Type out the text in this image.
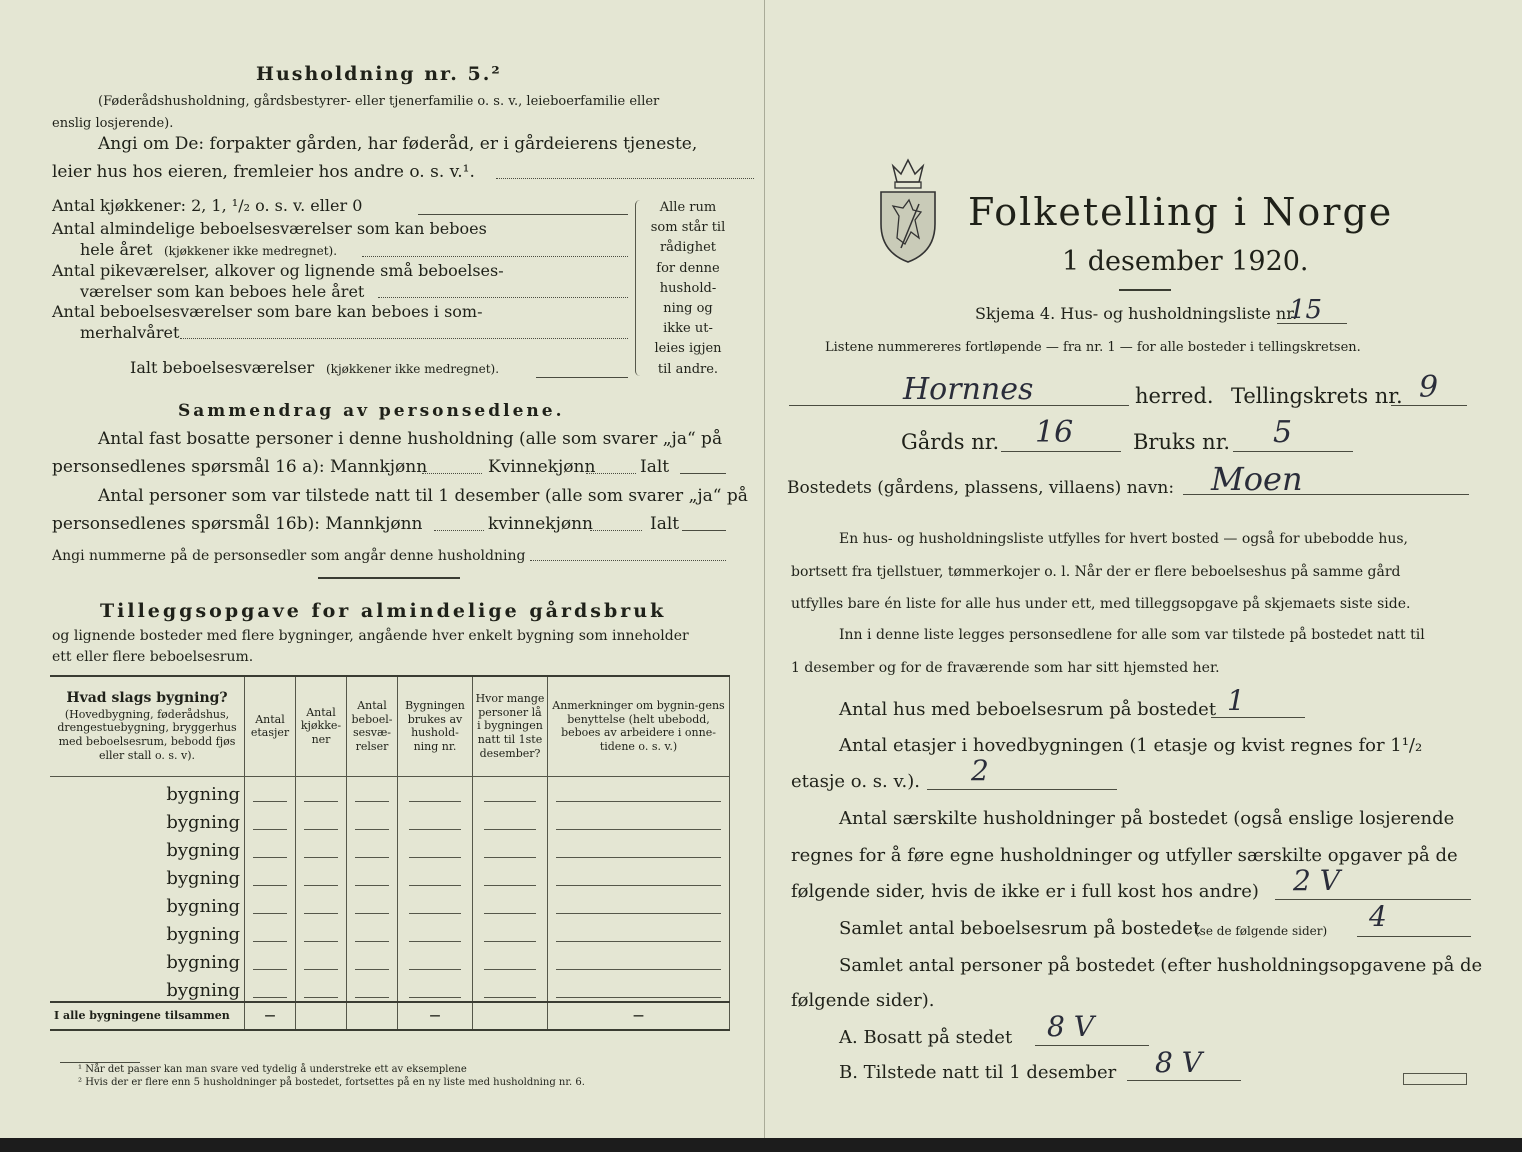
Husholdning nr. 5.²
(Føderådshusholdning, gårdsbestyrer- eller tjenerfamilie o. s. v., leieboerfamilie eller
enslig losjerende).
Angi om De: forpakter gården, har føderåd, er i gårdeierens tjeneste,
leier hus hos eieren, fremleier hos andre o. s. v.¹.
Antal kjøkkener: 2, 1, ¹/₂ o. s. v. eller 0
Antal almindelige beboelsesværelser som kan beboes
hele året (kjøkkener ikke medregnet).
Antal pikeværelser, alkover og lignende små beboelses-
værelser som kan beboes hele året
Antal beboelsesværelser som bare kan beboes i som-
merhalvåret
Ialt beboelsesværelser (kjøkkener ikke medregnet).
Alle rum
som står til
rådighet
for denne
hushold-
ning og
ikke ut-
leies igjen
til andre.
Sammendrag av personsedlene.
Antal fast bosatte personer i denne husholdning (alle som svarer „ja“ på
personsedlenes spørsmål 16 a): Mannkjønn	Kvinnekjønn	Ialt
Antal personer som var tilstede natt til 1 desember (alle som svarer „ja“ på
personsedlenes spørsmål 16b): Mannkjønn	kvinnekjønn	Ialt
Angi nummerne på de personsedler som angår denne husholdning
Tilleggsopgave for almindelige gårdsbruk
og lignende bosteder med flere bygninger, angående hver enkelt bygning som inneholder
ett eller flere beboelsesrum.
Hvad slags bygning?
(Hovedbygning, føderådshus, drengestuebygning, bryggerhus med beboelsesrum, bebodd fjøs eller stall o. s. v).	Antal etasjer	Antal kjøkke-ner	Antal beboel-sesvæ-relser	Bygningen brukes av hushold-ning nr.	Hvor mange personer lå i bygningen natt til 1ste desember?	Anmerkninger om bygnin-gens benyttelse (helt ubebodd, beboes av arbeidere i onne-tidene o. s. v.)
bygning						
bygning						
bygning						
bygning						
bygning						
bygning						
bygning						
bygning						
I alle bygningene tilsammen	—			—		—
¹ Når det passer kan man svare ved tydelig å understreke ett av eksemplene
² Hvis der er flere enn 5 husholdninger på bostedet, fortsettes på en ny liste med husholdning nr. 6.
Folketelling i Norge
1 desember 1920.
Skjema 4. Hus- og husholdningsliste nr.
15
Listene nummereres fortløpende — fra nr. 1 — for alle bosteder i tellingskretsen.
Hornnes	herred. Tellingskrets nr. 9
Gårds nr. 16	Bruks nr. 5
Bostedets (gårdens, plassens, villaens) navn: Moen
En hus- og husholdningsliste utfylles for hvert bosted — også for ubebodde hus,
bortsett fra tjellstuer, tømmerkojer o. l. Når der er flere beboelseshus på samme gård
utfylles bare én liste for alle hus under ett, med tilleggsopgave på skjemaets siste side.
Inn i denne liste legges personsedlene for alle som var tilstede på bostedet natt til
1 desember og for de fraværende som har sitt hjemsted her.
Antal hus med beboelsesrum på bostedet 1
Antal etasjer i hovedbygningen (1 etasje og kvist regnes for 1¹/₂
etasje o. s. v.). 2
Antal særskilte husholdninger på bostedet (også enslige losjerende
regnes for å føre egne husholdninger og utfyller særskilte opgaver på de
følgende sider, hvis de ikke er i full kost hos andre) 2 V
Samlet antal beboelsesrum på bostedet
(se de følgende sider) 4
Samlet antal personer på bostedet (efter husholdningsopgavene på de
følgende sider).
A. Bosatt på stedet 8 V
B. Tilstede natt til 1 desember 8 V
